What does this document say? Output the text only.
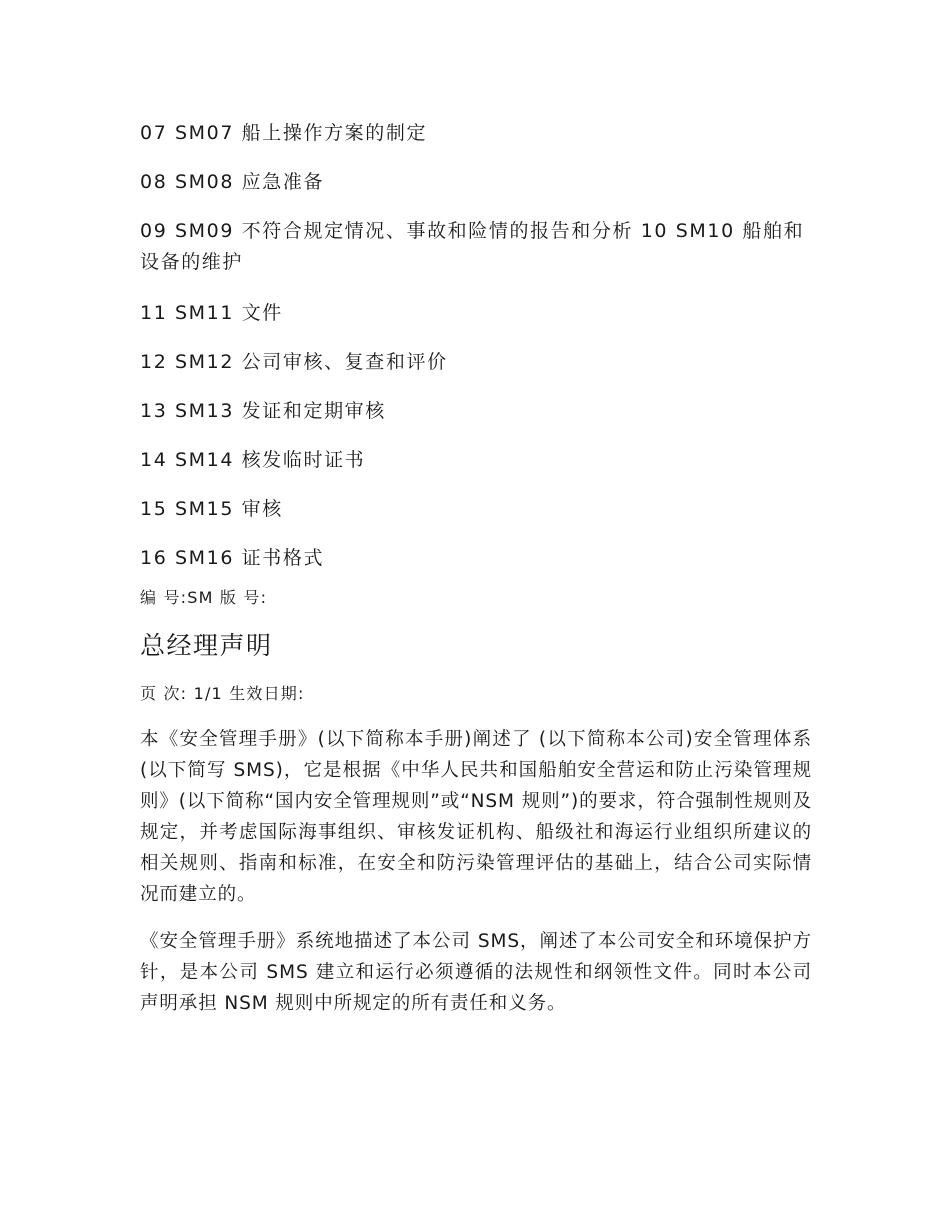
07 SM07 船上操作方案的制定

08 SM08 应急准备

09 SM09 不符合规定情况、事故和险情的报告和分析 10 SM10 船舶和设备的维护

11 SM11 文件

12 SM12 公司审核、复查和评价

13 SM13 发证和定期审核

14 SM14 核发临时证书

15 SM15 审核

16 SM16 证书格式

编 号:SM 版 号:

总经理声明

页 次: 1/1 生效日期:

本《安全管理手册》(以下简称本手册)阐述了 (以下简称本公司)安全管理体系(以下简写 SMS)，它是根据《中华人民共和国船舶安全营运和防止污染管理规则》(以下简称“国内安全管理规则”或“NSM 规则”)的要求，符合强制性规则及规定，并考虑国际海事组织、审核发证机构、船级社和海运行业组织所建议的相关规则、指南和标准，在安全和防污染管理评估的基础上，结合公司实际情况而建立的。

《安全管理手册》系统地描述了本公司 SMS，阐述了本公司安全和环境保护方针，是本公司 SMS 建立和运行必须遵循的法规性和纲领性文件。同时本公司声明承担 NSM 规则中所规定的所有责任和义务。
